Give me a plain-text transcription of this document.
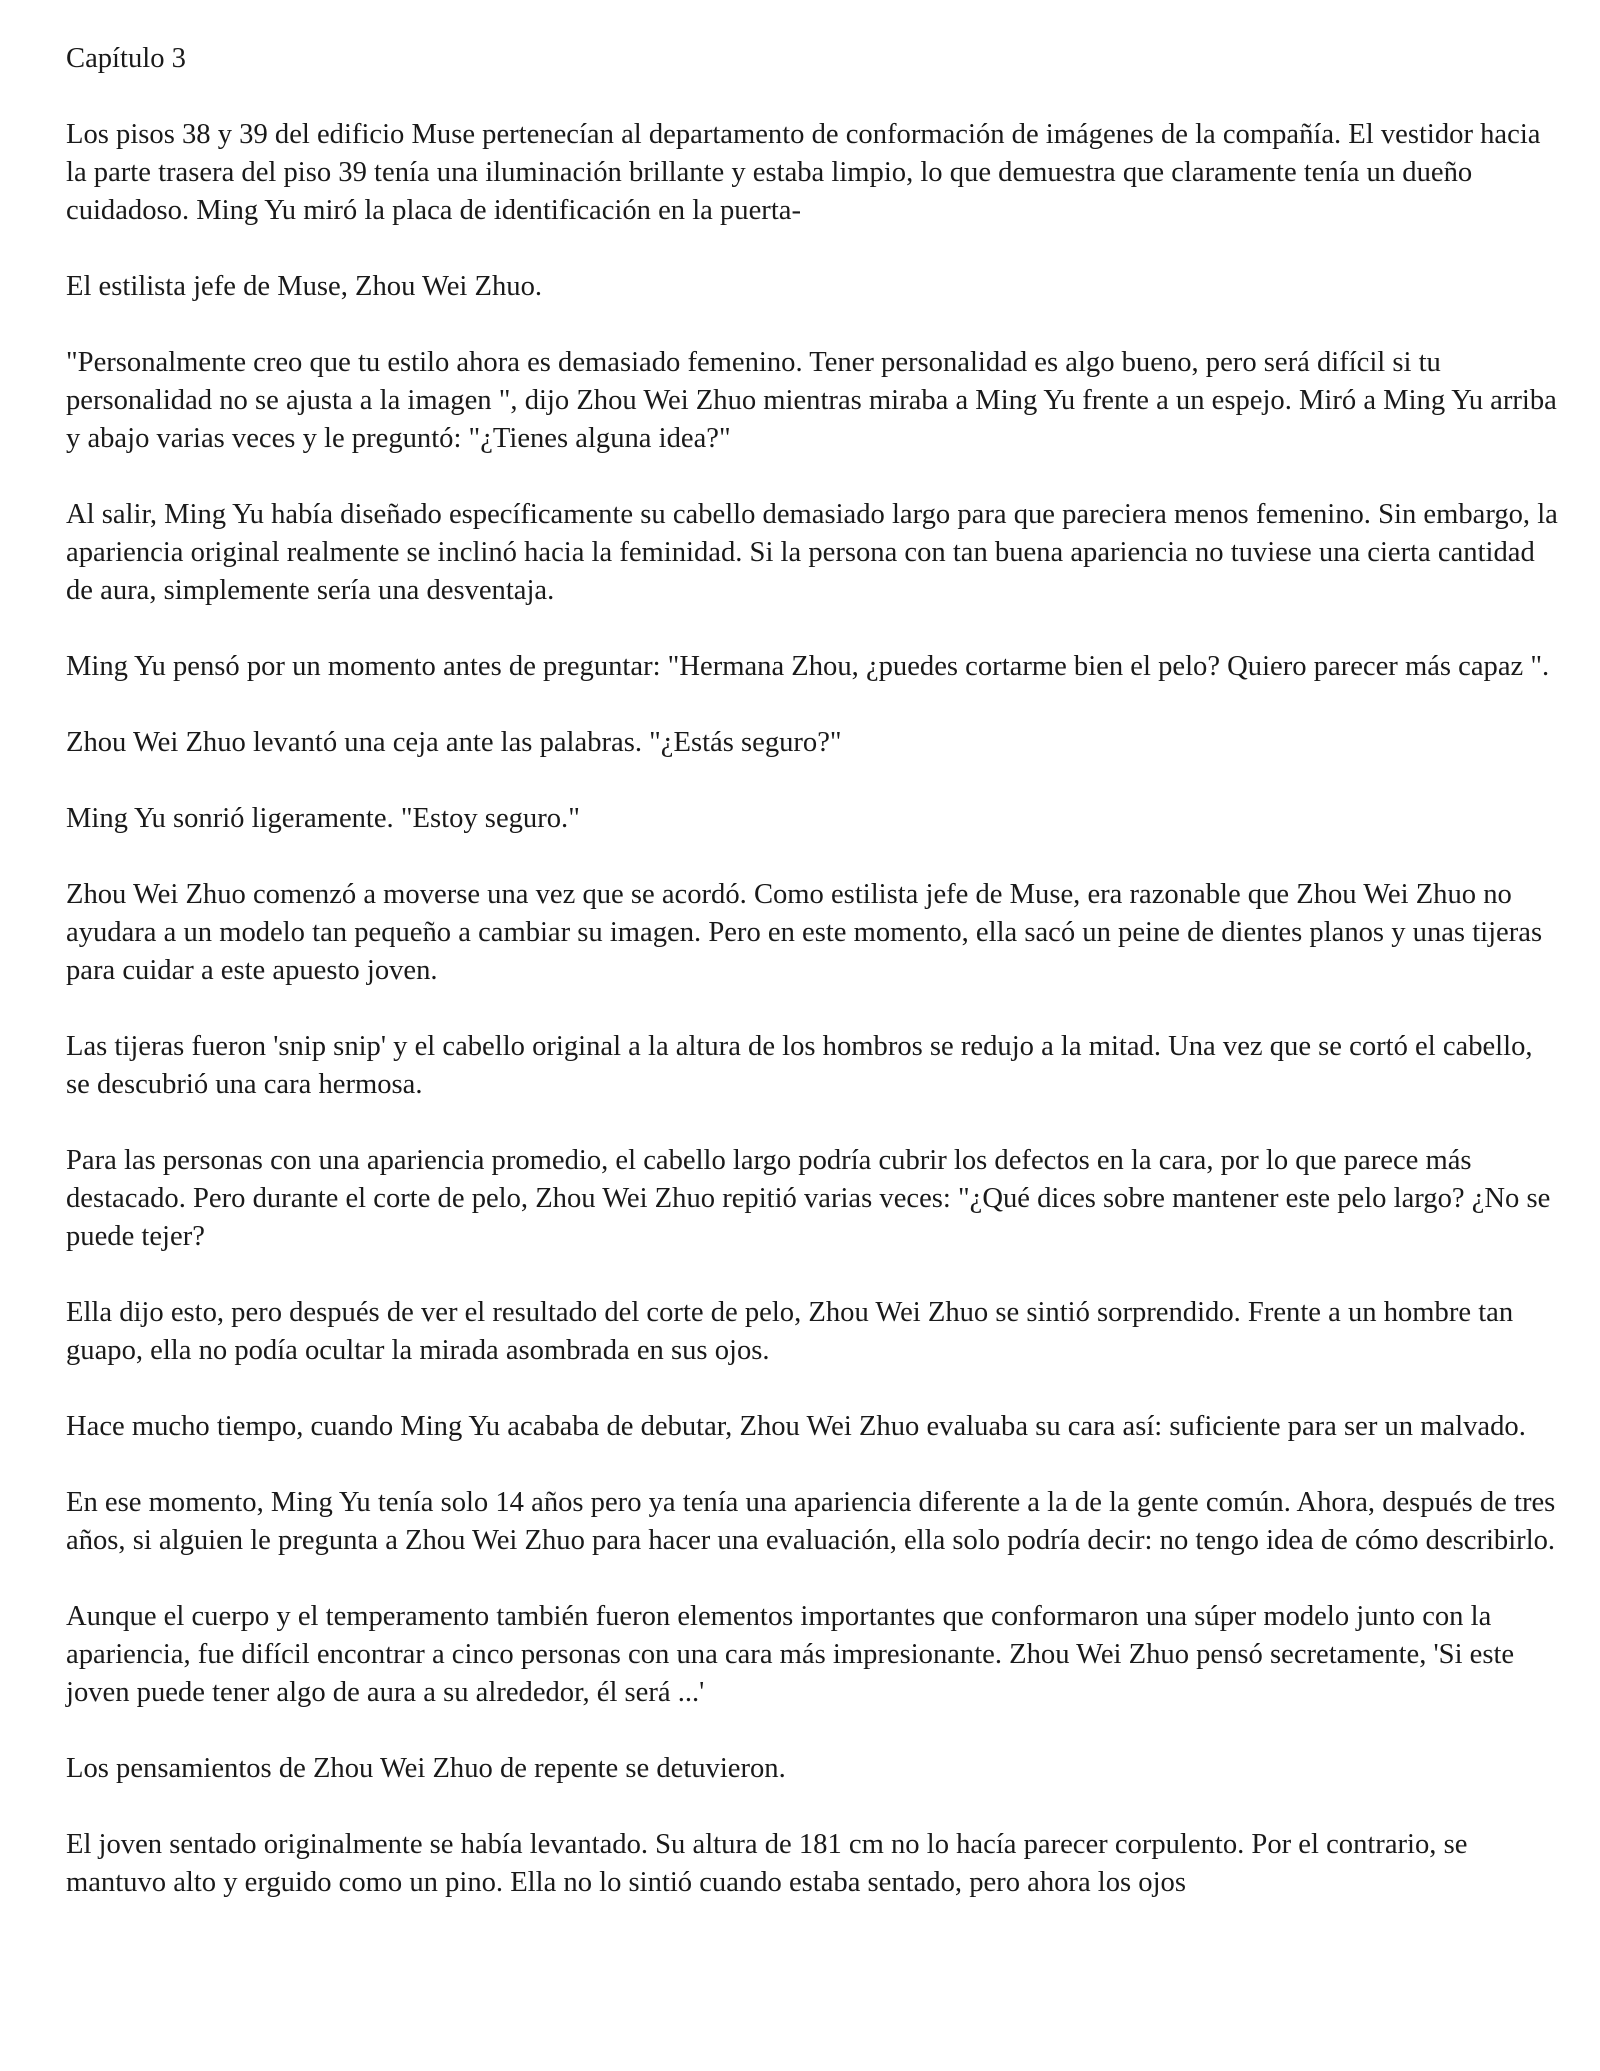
Capítulo 3

Los pisos 38 y 39 del edificio Muse pertenecían al departamento de conformación de imágenes de la compañía. El vestidor hacia la parte trasera del piso 39 tenía una iluminación brillante y estaba limpio, lo que demuestra que claramente tenía un dueño cuidadoso. Ming Yu miró la placa de identificación en la puerta-

El estilista jefe de Muse, Zhou Wei Zhuo.

"Personalmente creo que tu estilo ahora es demasiado femenino. Tener personalidad es algo bueno, pero será difícil si tu personalidad no se ajusta a la imagen ", dijo Zhou Wei Zhuo mientras miraba a Ming Yu frente a un espejo. Miró a Ming Yu arriba y abajo varias veces y le preguntó: "¿Tienes alguna idea?"

Al salir, Ming Yu había diseñado específicamente su cabello demasiado largo para que pareciera menos femenino. Sin embargo, la apariencia original realmente se inclinó hacia la feminidad. Si la persona con tan buena apariencia no tuviese una cierta cantidad de aura, simplemente sería una desventaja.

Ming Yu pensó por un momento antes de preguntar: "Hermana Zhou, ¿puedes cortarme bien el pelo? Quiero parecer más capaz ".

Zhou Wei Zhuo levantó una ceja ante las palabras. "¿Estás seguro?"

Ming Yu sonrió ligeramente. "Estoy seguro."

Zhou Wei Zhuo comenzó a moverse una vez que se acordó. Como estilista jefe de Muse, era razonable que Zhou Wei Zhuo no ayudara a un modelo tan pequeño a cambiar su imagen. Pero en este momento, ella sacó un peine de dientes planos y unas tijeras para cuidar a este apuesto joven.

Las tijeras fueron 'snip snip' y el cabello original a la altura de los hombros se redujo a la mitad. Una vez que se cortó el cabello, se descubrió una cara hermosa.

Para las personas con una apariencia promedio, el cabello largo podría cubrir los defectos en la cara, por lo que parece más destacado. Pero durante el corte de pelo, Zhou Wei Zhuo repitió varias veces: "¿Qué dices sobre mantener este pelo largo? ¿No se puede tejer?

Ella dijo esto, pero después de ver el resultado del corte de pelo, Zhou Wei Zhuo se sintió sorprendido. Frente a un hombre tan guapo, ella no podía ocultar la mirada asombrada en sus ojos.

Hace mucho tiempo, cuando Ming Yu acababa de debutar, Zhou Wei Zhuo evaluaba su cara así: suficiente para ser un malvado.

En ese momento, Ming Yu tenía solo 14 años pero ya tenía una apariencia diferente a la de la gente común. Ahora, después de tres años, si alguien le pregunta a Zhou Wei Zhuo para hacer una evaluación, ella solo podría decir: no tengo idea de cómo describirlo.

Aunque el cuerpo y el temperamento también fueron elementos importantes que conformaron una súper modelo junto con la apariencia, fue difícil encontrar a cinco personas con una cara más impresionante. Zhou Wei Zhuo pensó secretamente, 'Si este joven puede tener algo de aura a su alrededor, él será ...'

Los pensamientos de Zhou Wei Zhuo de repente se detuvieron.

El joven sentado originalmente se había levantado. Su altura de 181 cm no lo hacía parecer corpulento. Por el contrario, se mantuvo alto y erguido como un pino. Ella no lo sintió cuando estaba sentado, pero ahora los ojos
